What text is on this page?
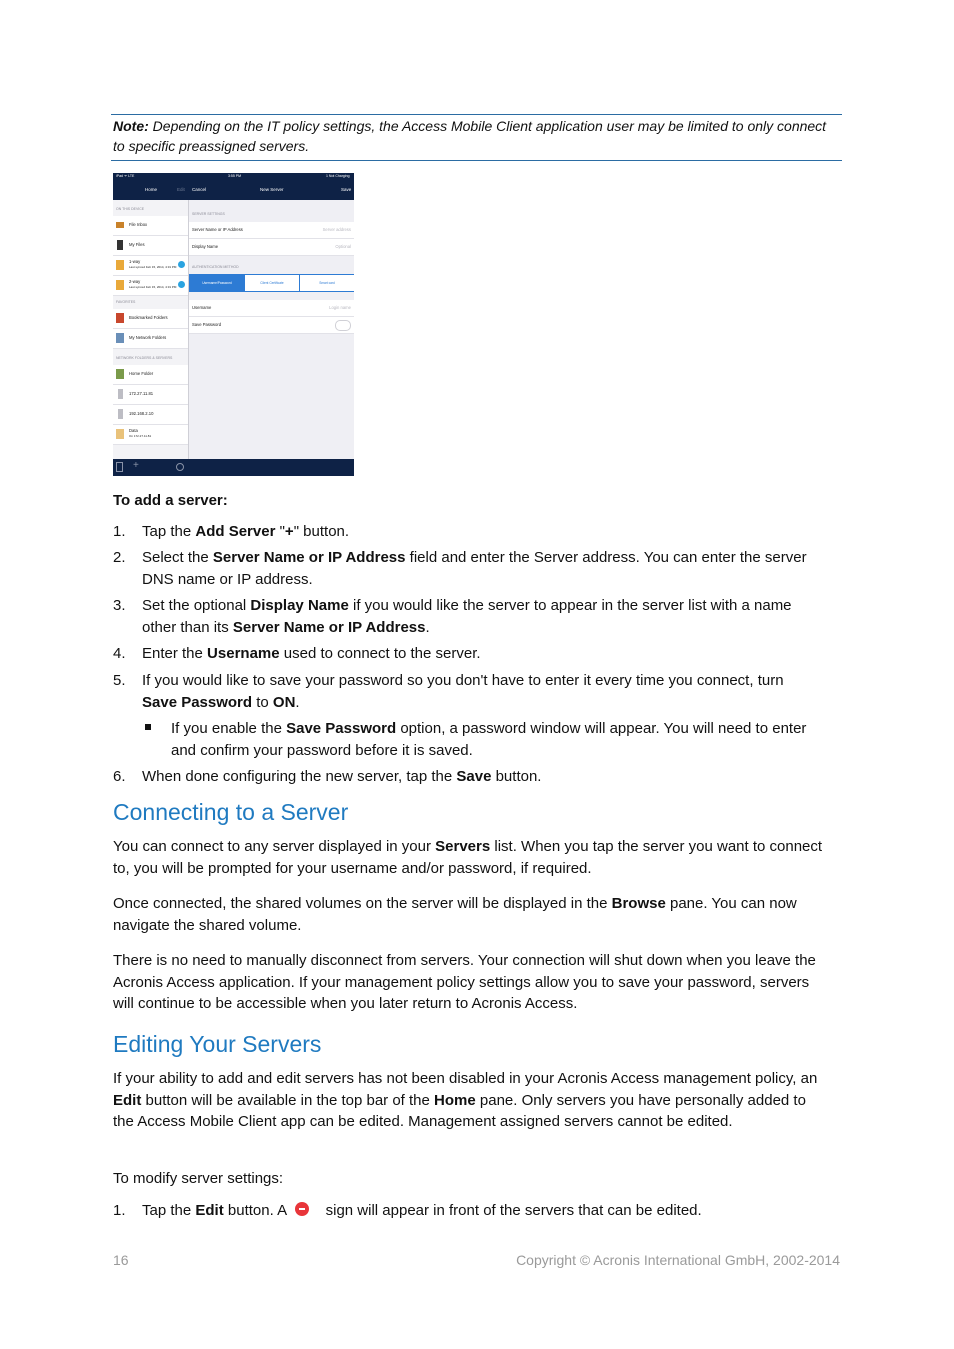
Note: Depending on the IT policy settings, the Access Mobile Client application user may be limited to only connect to specific preassigned servers.
iPad ᯤ LTE	3:55 PM	1 Not Charging
Home	Edit Cancel	New Server	Save
ON THIS DEVICE
File Inbox
My Files
1-way
Last synced Feb 15, 2014, 4:31 PM
2-way
Last synced Feb 15, 2014, 4:31 PM
FAVORITES
Bookmarked Folders
My Network Folders
NETWORK FOLDERS & SERVERS
Home Folder
172.27.11.81
192.168.2.10
Data
On 172.27.11.81
SERVER SETTINGS
Server Name or IP Address	Server address
Display Name	Optional
AUTHENTICATION METHOD
Username/Password	Client Certificate	Smart card
Username	Login name
Save Password
+
To add a server:
1.	Tap the Add Server "+" button.
2.	Select the Server Name or IP Address field and enter the Server address. You can enter the server DNS name or IP address.
3.	Set the optional Display Name if you would like the server to appear in the server list with a name other than its Server Name or IP Address.
4.	Enter the Username used to connect to the server.
5.	If you would like to save your password so you don't have to enter it every time you connect, turn Save Password to ON.
If you enable the Save Password option, a password window will appear. You will need to enter and confirm your password before it is saved.
6.	When done configuring the new server, tap the Save button.
Connecting to a Server
You can connect to any server displayed in your Servers list. When you tap the server you want to connect to, you will be prompted for your username and/or password, if required.
Once connected, the shared volumes on the server will be displayed in the Browse pane. You can now navigate the shared volume.
There is no need to manually disconnect from servers. Your connection will shut down when you leave the Acronis Access application. If your management policy settings allow you to save your password, servers will continue to be accessible when you later return to Acronis Access.
Editing Your Servers
If your ability to add and edit servers has not been disabled in your Acronis Access management policy, an Edit button will be available in the top bar of the Home pane. Only servers you have personally added to the Access Mobile Client app can be edited. Management assigned servers cannot be edited.
To modify server settings:
1.	Tap the Edit button. A
sign will appear in front of the servers that can be edited.
16	Copyright © Acronis International GmbH, 2002-2014
